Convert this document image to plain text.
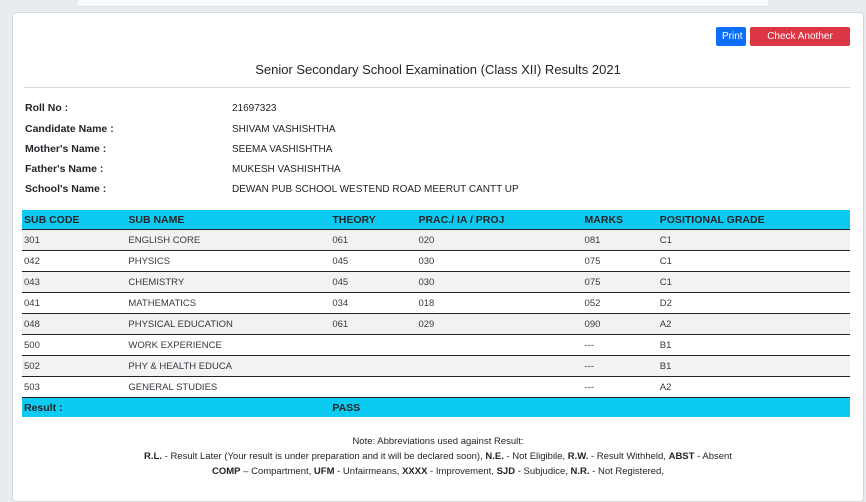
Print	Check Another Result
Senior Secondary School Examination (Class XII) Results 2021
Roll No :	21697323
Candidate Name :	SHIVAM VASHISHTHA
Mother's Name :	SEEMA VASHISHTHA
Father's Name :	MUKESH VASHISHTHA
School's Name :	DEWAN PUB SCHOOL WESTEND ROAD MEERUT CANTT UP
SUB CODE	SUB NAME	THEORY	PRAC./ IA / PROJ	MARKS	POSITIONAL GRADE
301	ENGLISH CORE	061	020	081	C1
042	PHYSICS	045	030	075	C1
043	CHEMISTRY	045	030	075	C1
041	MATHEMATICS	034	018	052	D2
048	PHYSICAL EDUCATION	061	029	090	A2
500	WORK EXPERIENCE			---	B1
502	PHY & HEALTH EDUCA			---	B1
503	GENERAL STUDIES			---	A2
Result :		PASS			
Note: Abbreviations used against Result:
R.L. - Result Later (Your result is under preparation and it will be declared soon), N.E. - Not Eligibile, R.W. - Result Withheld, ABST - Absent
COMP – Compartment, UFM - Unfairmeans, XXXX - Improvement, SJD - Subjudice, N.R. - Not Registered,
